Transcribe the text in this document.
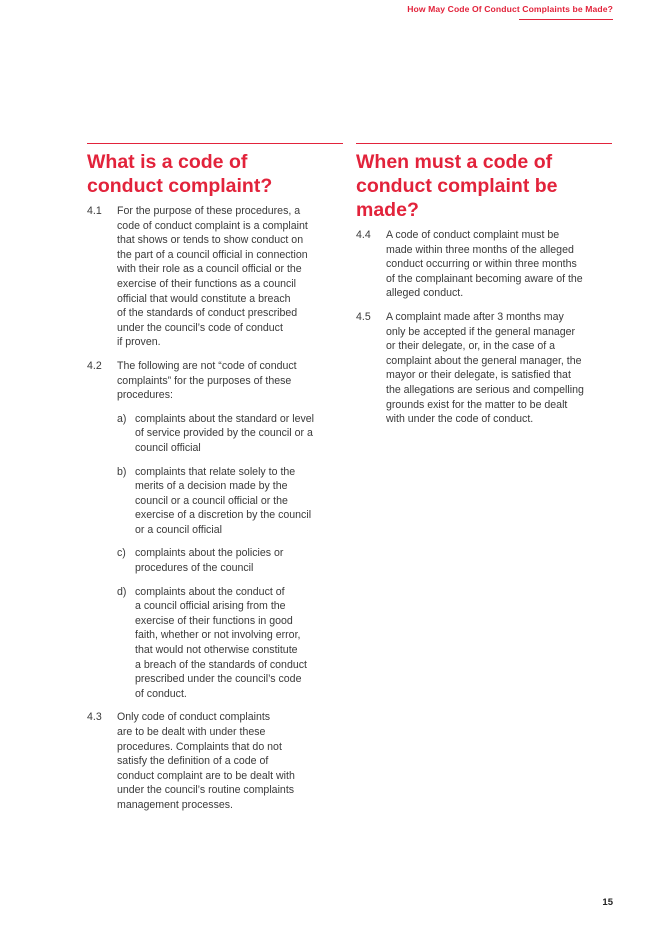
How May Code Of Conduct Complaints be Made?
What is a code of
conduct complaint?
4.1 For the purpose of these procedures, a
code of conduct complaint is a complaint
that shows or tends to show conduct on
the part of a council official in connection
with their role as a council official or the
exercise of their functions as a council
official that would constitute a breach
of the standards of conduct prescribed
under the council’s code of conduct
if proven.
4.2 The following are not “code of conduct
complaints” for the purposes of these
procedures:
a) complaints about the standard or level
of service provided by the council or a
council official
b) complaints that relate solely to the
merits of a decision made by the
council or a council official or the
exercise of a discretion by the council
or a council official
c) complaints about the policies or
procedures of the council
d) complaints about the conduct of
a council official arising from the
exercise of their functions in good
faith, whether or not involving error,
that would not otherwise constitute
a breach of the standards of conduct
prescribed under the council’s code
of conduct.
4.3 Only code of conduct complaints
are to be dealt with under these
procedures. Complaints that do not
satisfy the definition of a code of
conduct complaint are to be dealt with
under the council’s routine complaints
management processes.
When must a code of
conduct complaint be
made?
4.4 A code of conduct complaint must be
made within three months of the alleged
conduct occurring or within three months
of the complainant becoming aware of the
alleged conduct.
4.5 A complaint made after 3 months may
only be accepted if the general manager
or their delegate, or, in the case of a
complaint about the general manager, the
mayor or their delegate, is satisfied that
the allegations are serious and compelling
grounds exist for the matter to be dealt
with under the code of conduct.
15
